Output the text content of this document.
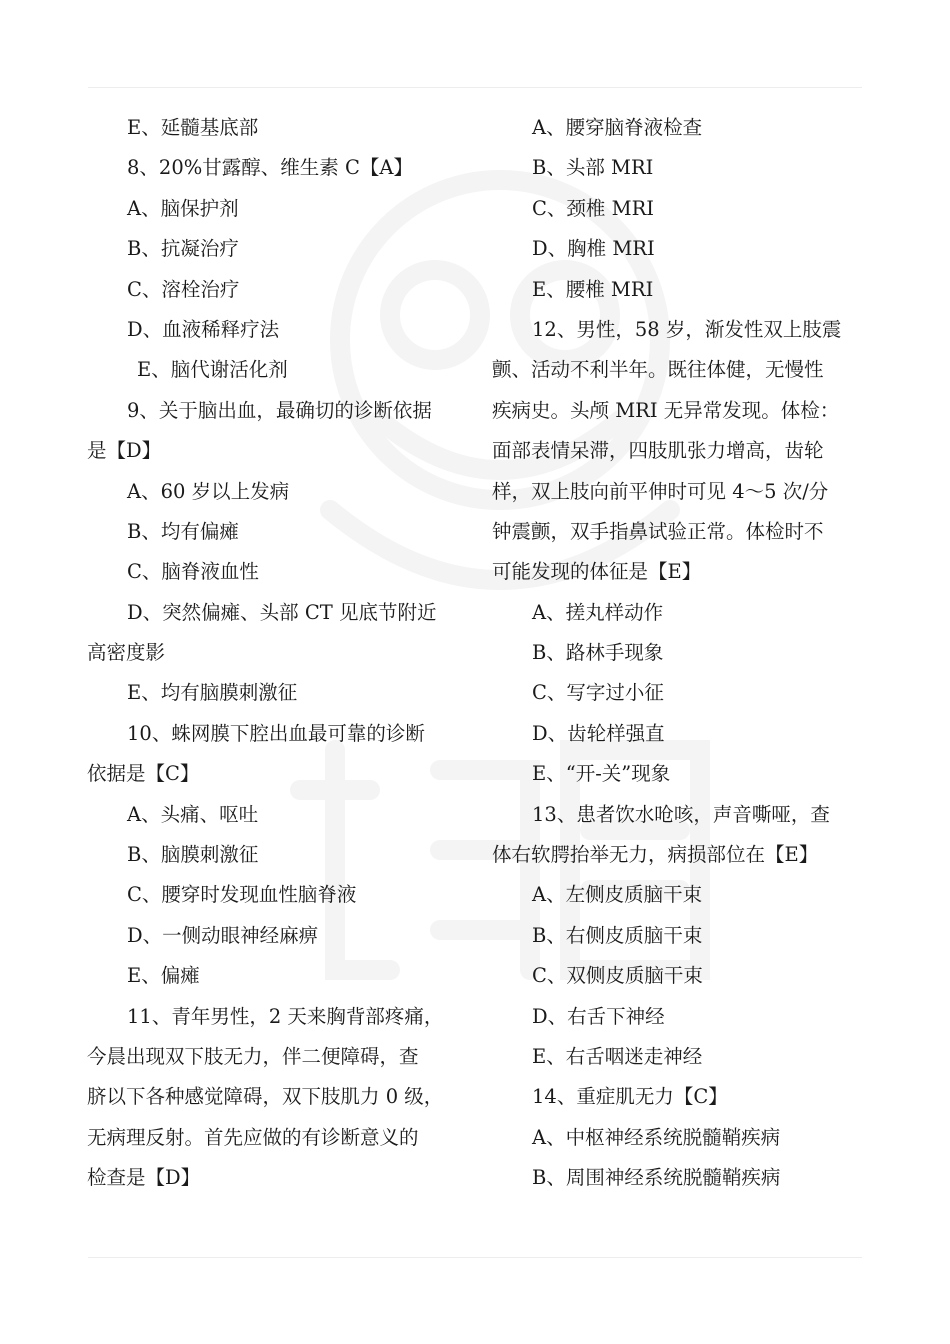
E、延髓基底部
8、20%甘露醇、维生素 C【A】
A、脑保护剂
B、抗凝治疗
C、溶栓治疗
D、血液稀释疗法
E、脑代谢活化剂
9、关于脑出血，最确切的诊断依据
是【D】
A、60 岁以上发病
B、均有偏瘫
C、脑脊液血性
D、突然偏瘫、头部 CT 见底节附近
高密度影
E、均有脑膜刺激征
10、蛛网膜下腔出血最可靠的诊断
依据是【C】
A、头痛、呕吐
B、脑膜刺激征
C、腰穿时发现血性脑脊液
D、一侧动眼神经麻痹
E、偏瘫
11、青年男性，2 天来胸背部疼痛，
今晨出现双下肢无力，伴二便障碍，查
脐以下各种感觉障碍，双下肢肌力 0 级，
无病理反射。首先应做的有诊断意义的
检查是【D】
A、腰穿脑脊液检查
B、头部 MRI
C、颈椎 MRI
D、胸椎 MRI
E、腰椎 MRI
12、男性，58 岁，渐发性双上肢震
颤、活动不利半年。既往体健，无慢性
疾病史。头颅 MRI 无异常发现。体检：
面部表情呆滞，四肢肌张力增高，齿轮
样，双上肢向前平伸时可见 4～5 次/分
钟震颤，双手指鼻试验正常。体检时不
可能发现的体征是【E】
A、搓丸样动作
B、路林手现象
C、写字过小征
D、齿轮样强直
E、“开-关”现象
13、患者饮水呛咳，声音嘶哑，查
体右软腭抬举无力，病损部位在【E】
A、左侧皮质脑干束
B、右侧皮质脑干束
C、双侧皮质脑干束
D、右舌下神经
E、右舌咽迷走神经
14、重症肌无力【C】
A、中枢神经系统脱髓鞘疾病
B、周围神经系统脱髓鞘疾病
